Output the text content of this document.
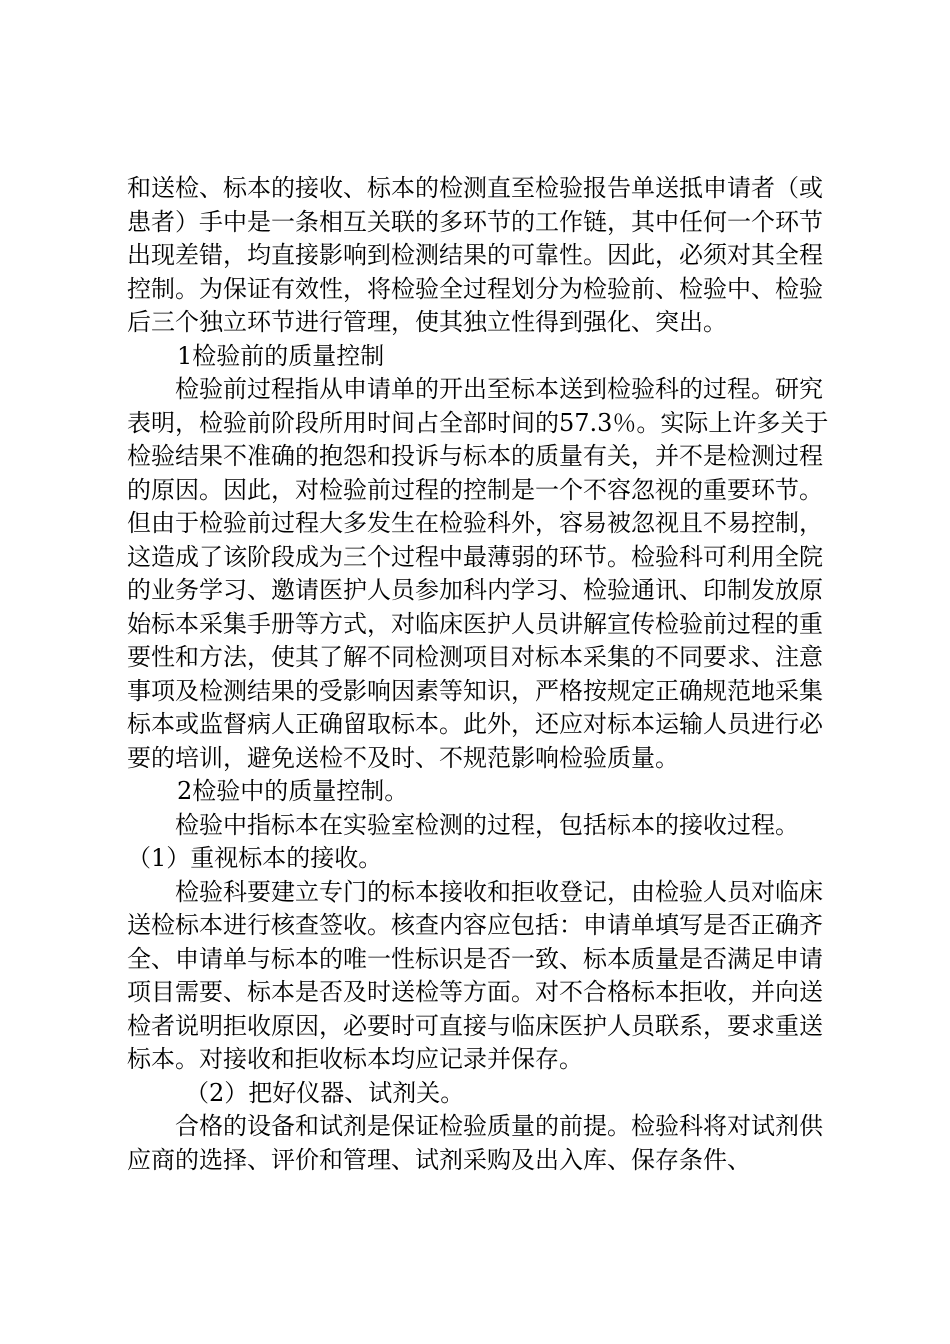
和送检、标本的接收、标本的检测直至检验报告单送抵申请者（或患者）手中是一条相互关联的多环节的工作链，其中任何一个环节出现差错，均直接影响到检测结果的可靠性。因此，必须对其全程控制。为保证有效性，将检验全过程划分为检验前、检验中、检验后三个独立环节进行管理，使其独立性得到强化、突出。

1检验前的质量控制

检验前过程指从申请单的开出至标本送到检验科的过程。研究表明，检验前阶段所用时间占全部时间的57.3％。实际上许多关于检验结果不准确的抱怨和投诉与标本的质量有关，并不是检测过程的原因。因此，对检验前过程的控制是一个不容忽视的重要环节。但由于检验前过程大多发生在检验科外，容易被忽视且不易控制，这造成了该阶段成为三个过程中最薄弱的环节。检验科可利用全院的业务学习、邀请医护人员参加科内学习、检验通讯、印制发放原始标本采集手册等方式，对临床医护人员讲解宣传检验前过程的重要性和方法，使其了解不同检测项目对标本采集的不同要求、注意事项及检测结果的受影响因素等知识，严格按规定正确规范地采集标本或监督病人正确留取标本。此外，还应对标本运输人员进行必要的培训，避免送检不及时、不规范影响检验质量。

2检验中的质量控制。

检验中指标本在实验室检测的过程，包括标本的接收过程。

（1）重视标本的接收。

检验科要建立专门的标本接收和拒收登记，由检验人员对临床送检标本进行核查签收。核查内容应包括：申请单填写是否正确齐全、申请单与标本的唯一性标识是否一致、标本质量是否满足申请项目需要、标本是否及时送检等方面。对不合格标本拒收，并向送检者说明拒收原因，必要时可直接与临床医护人员联系，要求重送标本。对接收和拒收标本均应记录并保存。

（2）把好仪器、试剂关。

合格的设备和试剂是保证检验质量的前提。检验科将对试剂供应商的选择、评价和管理、试剂采购及出入库、保存条件、
